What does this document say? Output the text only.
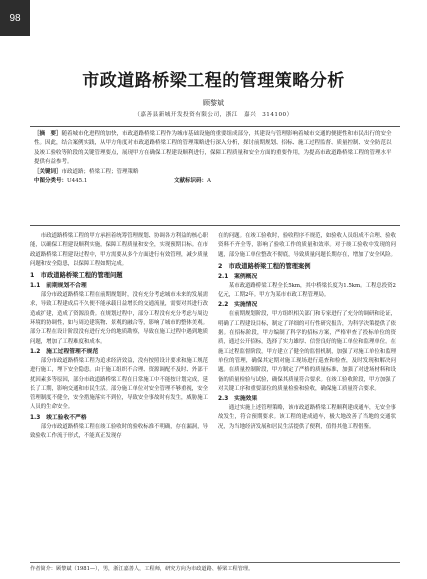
98
市政道路桥梁工程的管理策略分析
顾黎斌
（嘉善县新城开发投资有限公司，浙江　嘉兴　314100）
［摘　要］随着城市化进程的加快，市政道路桥梁工程作为城市基础设施的重要组成部分，其建设与管理影响着城市交通的便捷性和市民出行的安全性。因此，结合案例实践，从甲方角度对市政道路桥梁工程的管理策略进行深入分析，探讨前期规划、招标、施工过程监督、质量控制、安全防范以及竣工验收等阶段的关键管理要点，展现甲方在确保工程建设顺利进行，保障工程质量和安全方面的重要作用，为提高市政道路桥梁工程的管理水平提供有益参考。
［关键词］市政道路；桥梁工程；管理策略
中图分类号：U445.1	文献标识码：A

市政道路桥梁工程的甲方承担着统筹管理规划、协调各方利益的核心职能，以确保工程建设顺利实施，保障工程质量和安全，实现预期目标。在市政道路桥梁工程建设过程中，甲方需要从多个方面进行有效管理，减少质量问题和安全隐患，以保障工程如期完成。

1　市政道路桥梁工程的管理问题
1.1　前期规划不合理

部分市政道路桥梁工程在前期规划时，没有充分考虑城市未来的发展需求，导致工程建成后不久便不能承载日益增长的交通流量，需要对其进行改造或扩建，造成了资源浪费。在规划过程中，部分工程没有充分考虑与周边环境的协调性，如与周边建筑物、景观的融合等，影响了城市的整体美观。部分工程在设计阶段没有进行充分的地质勘察，导致在施工过程中遇到地质问题，增加了工程难度和成本。

1.2　施工过程管理不规范

部分市政道路桥梁工程为追求经济效益，没有按照设计要求和施工规范进行施工，埋下安全隐患。由于施工组织不合理、资源调配不及时、外部干扰因素多等原因，部分市政道路桥梁工程在日常施工中不能按计划完成，延长了工期，影响交通和市民生活。部分施工单位对安全管理不够重视，安全管理制度不健全，安全措施落实不到位，导致安全事故时有发生，威胁施工人员的生命安全。

1.3　竣工验收不严格

部分市政道路桥梁工程在竣工验收时的验收标准不明确，存在漏洞，导致验收工作流于形式，不能真正发现存

在的问题。在竣工验收时，验收程序不规范，如验收人员组成不合理、验收资料不齐全等，影响了验收工作的质量和效率。对于竣工验收中发现的问题，部分施工单位整改不彻底，导致质量问题长期存在，增加了安全风险。

2　市政道路桥梁工程的管理案例
2.1　案例概况

某市政道路桥梁工程全长5km，其中桥梁长度为1.5km。工程总投资2亿元，工期2年。甲方为某市市政工程管理局。

2.2　实施情况

在前期规划阶段，甲方组织相关部门和专家进行了充分的调研和论证，明确了工程建设目标，制定了详细的可行性研究报告，为科学决策提供了依据。在招标阶段，甲方编制了科学的招标方案，严格审查了投标单位的资质，通过公开招标，选择了实力雄厚、信誉良好的施工单位和监理单位。在施工过程监督阶段，甲方建立了健全的监督机制，加强了对施工单位和监理单位的管理，确保其定期对施工现场进行巡查和检查，及时发现和解决问题。在质量控制阶段，甲方制定了严格的质量标准，加强了对进场材料和设备的质量检验与试验，确保其质量符合要求。在竣工验收阶段，甲方加强了对关键工序和重要部位的质量检验和验收，确保施工质量符合要求。

2.3　实施效果

通过实施上述管理策略，该市政道路桥梁工程顺利建成通车，无安全事故发生，符合预期要求。该工程的建成通车，极大地改善了当地的交通状况，为当地经济发展和居民生活提供了便利，值得其他工程借鉴。

作者简介：顾黎斌（1981—），男，浙江嘉善人，工程师，研究方向为市政道路、桥梁工程管理。
